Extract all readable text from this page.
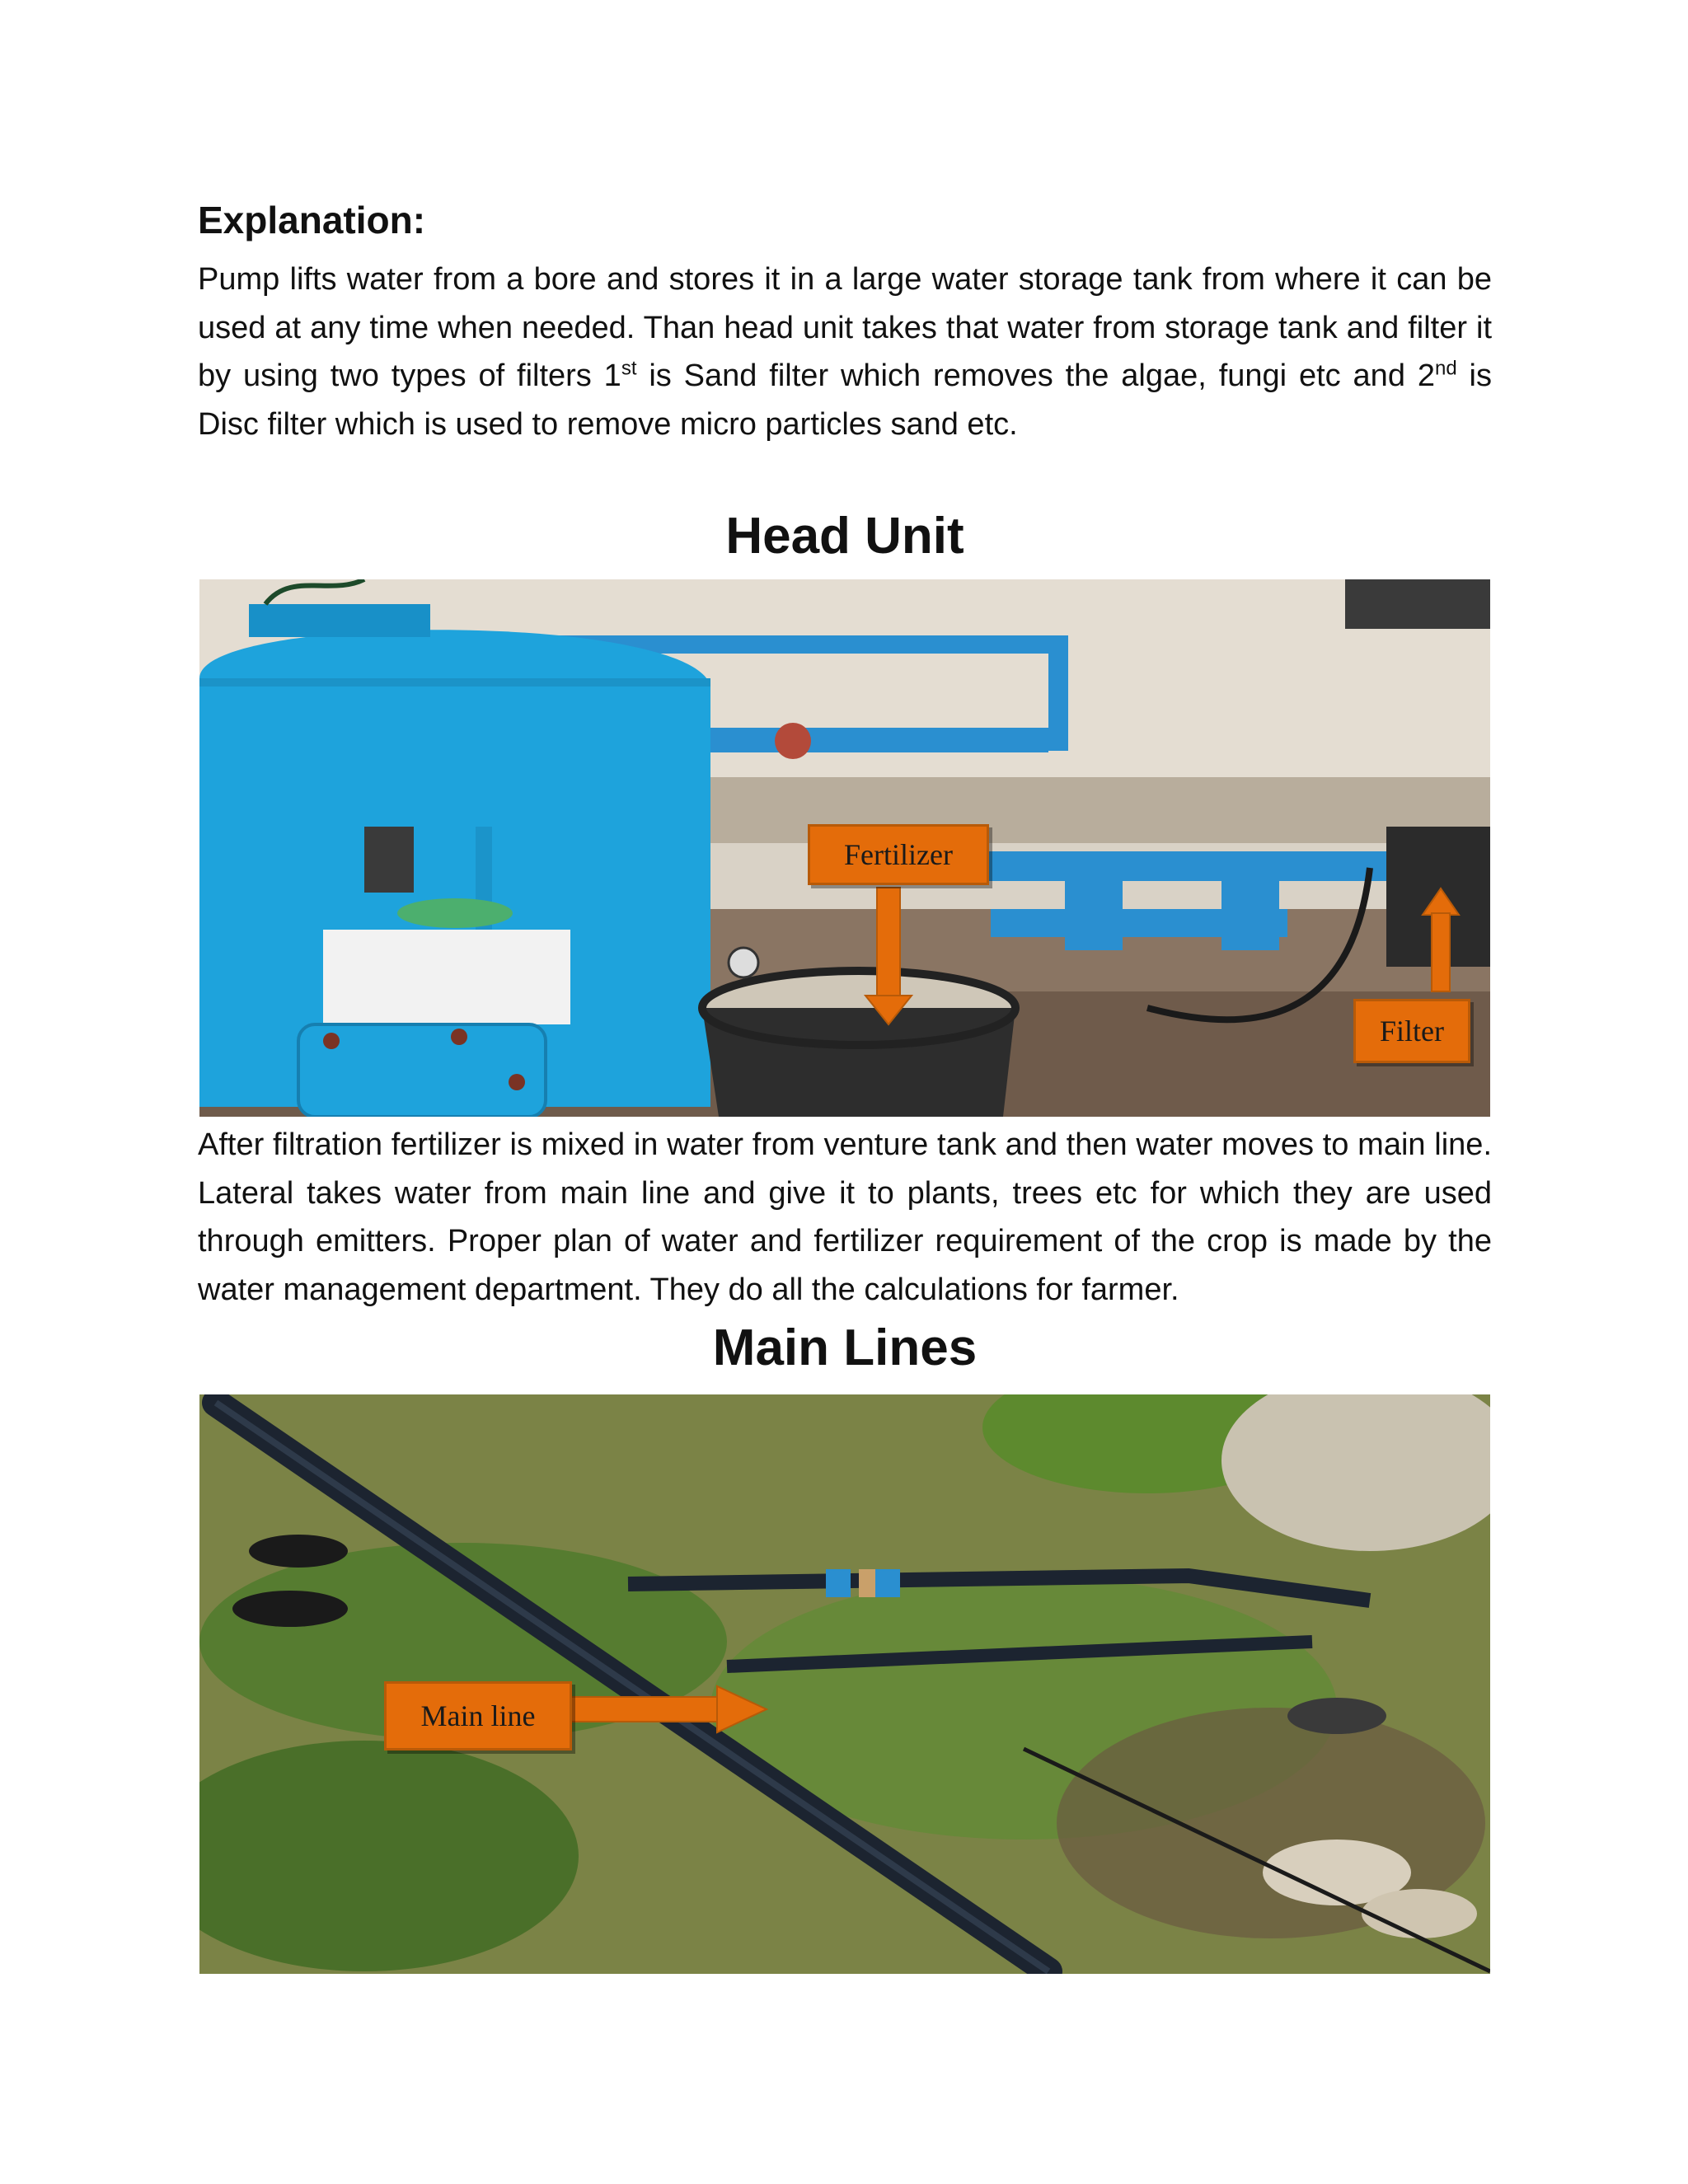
Explanation:

Pump lifts water from a bore and stores it in a large water storage tank from where it can be used at any time when needed. Than head unit takes that water from storage tank and filter it by using two types of filters 1st is Sand filter which removes the algae, fungi etc and 2nd is Disc filter which is used to remove micro particles sand etc.

Head Unit
Fertilizer
Filter

After filtration fertilizer is mixed in water from venture tank and then water moves to main line. Lateral takes water from main line and give it to plants, trees etc for which they are used through emitters. Proper plan of water and fertilizer requirement of the crop is made by the water management department. They do all the calculations for farmer.

Main Lines
Main line
